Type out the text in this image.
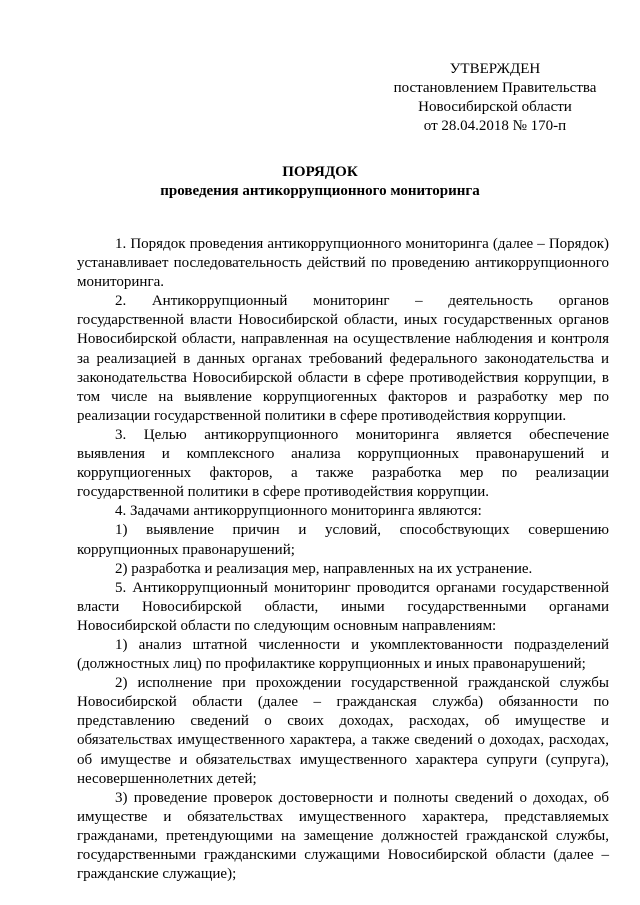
УТВЕРЖДЕН
постановлением Правительства
Новосибирской области
от 28.04.2018 № 170-п
ПОРЯДОК
проведения антикоррупционного мониторинга

1. Порядок проведения антикоррупционного мониторинга (далее – Порядок) устанавливает последовательность действий по проведению антикоррупционного мониторинга.

2. Антикоррупционный мониторинг – деятельность органов государственной власти Новосибирской области, иных государственных органов Новосибирской области, направленная на осуществление наблюдения и контроля за реализацией в данных органах требований федерального законодательства и законодательства Новосибирской области в сфере противодействия коррупции, в том числе на выявление коррупциогенных факторов и разработку мер по реализации государственной политики в сфере противодействия коррупции.

3. Целью антикоррупционного мониторинга является обеспечение выявления и комплексного анализа коррупционных правонарушений и коррупциогенных факторов, а также разработка мер по реализации государственной политики в сфере противодействия коррупции.

4. Задачами антикоррупционного мониторинга являются:

1) выявление причин и условий, способствующих совершению коррупционных правонарушений;

2) разработка и реализация мер, направленных на их устранение.

5. Антикоррупционный мониторинг проводится органами государственной власти Новосибирской области, иными государственными органами Новосибирской области по следующим основным направлениям:

1) анализ штатной численности и укомплектованности подразделений (должностных лиц) по профилактике коррупционных и иных правонарушений;

2) исполнение при прохождении государственной гражданской службы Новосибирской области (далее – гражданская служба) обязанности по представлению сведений о своих доходах, расходах, об имуществе и обязательствах имущественного характера, а также сведений о доходах, расходах, об имуществе и обязательствах имущественного характера супруги (супруга), несовершеннолетних детей;

3) проведение проверок достоверности и полноты сведений о доходах, об имуществе и обязательствах имущественного характера, представляемых гражданами, претендующими на замещение должностей гражданской службы, государственными гражданскими служащими Новосибирской области (далее – гражданские служащие);
